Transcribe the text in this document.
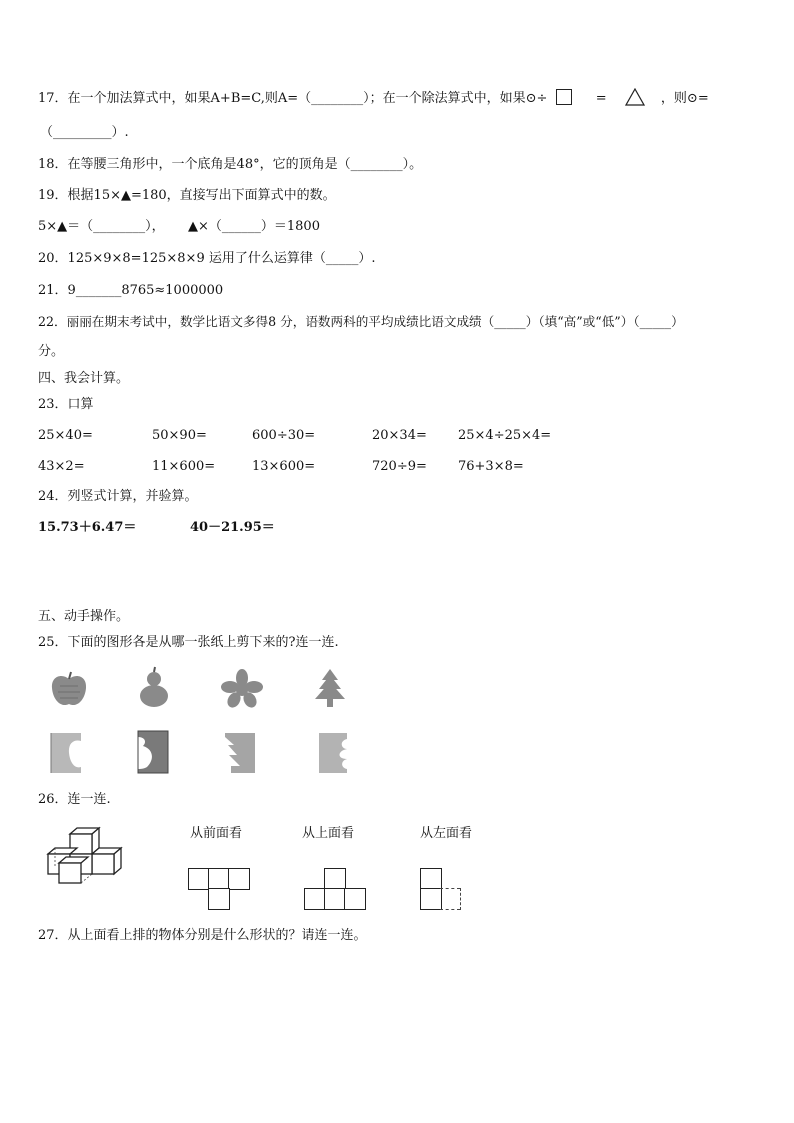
17．在一个加法算式中，如果A+B=C,则A=（________）；在一个除法算式中，如果⊙÷	=	，则⊙=
（_________）.
18．在等腰三角形中，一个底角是48°，它的顶角是（________）。
19．根据15×▲=180，直接写出下面算式中的数。
5×▲＝（________）， ▲×（______）＝1800
20．125×9×8=125×8×9 运用了什么运算律（_____）.
21．9_______8765≈1000000
22．丽丽在期末考试中，数学比语文多得8 分，语数两科的平均成绩比语文成绩（_____）（填“高”或“低”）（_____）
分。
四、我会计算。
23．口算
25×40=	50×90=	600÷30=	20×34= 25×4÷25×4=
43×2=	11×600=	13×600=	720÷9= 76+3×8=
24．列竖式计算，并验算。
15.73＋6.47＝	40－21.95＝
五、动手操作。
25．下面的图形各是从哪一张纸上剪下来的?连一连.
26．连一连.
从前面看	从上面看	从左面看
27．从上面看上排的物体分别是什么形状的？请连一连。
